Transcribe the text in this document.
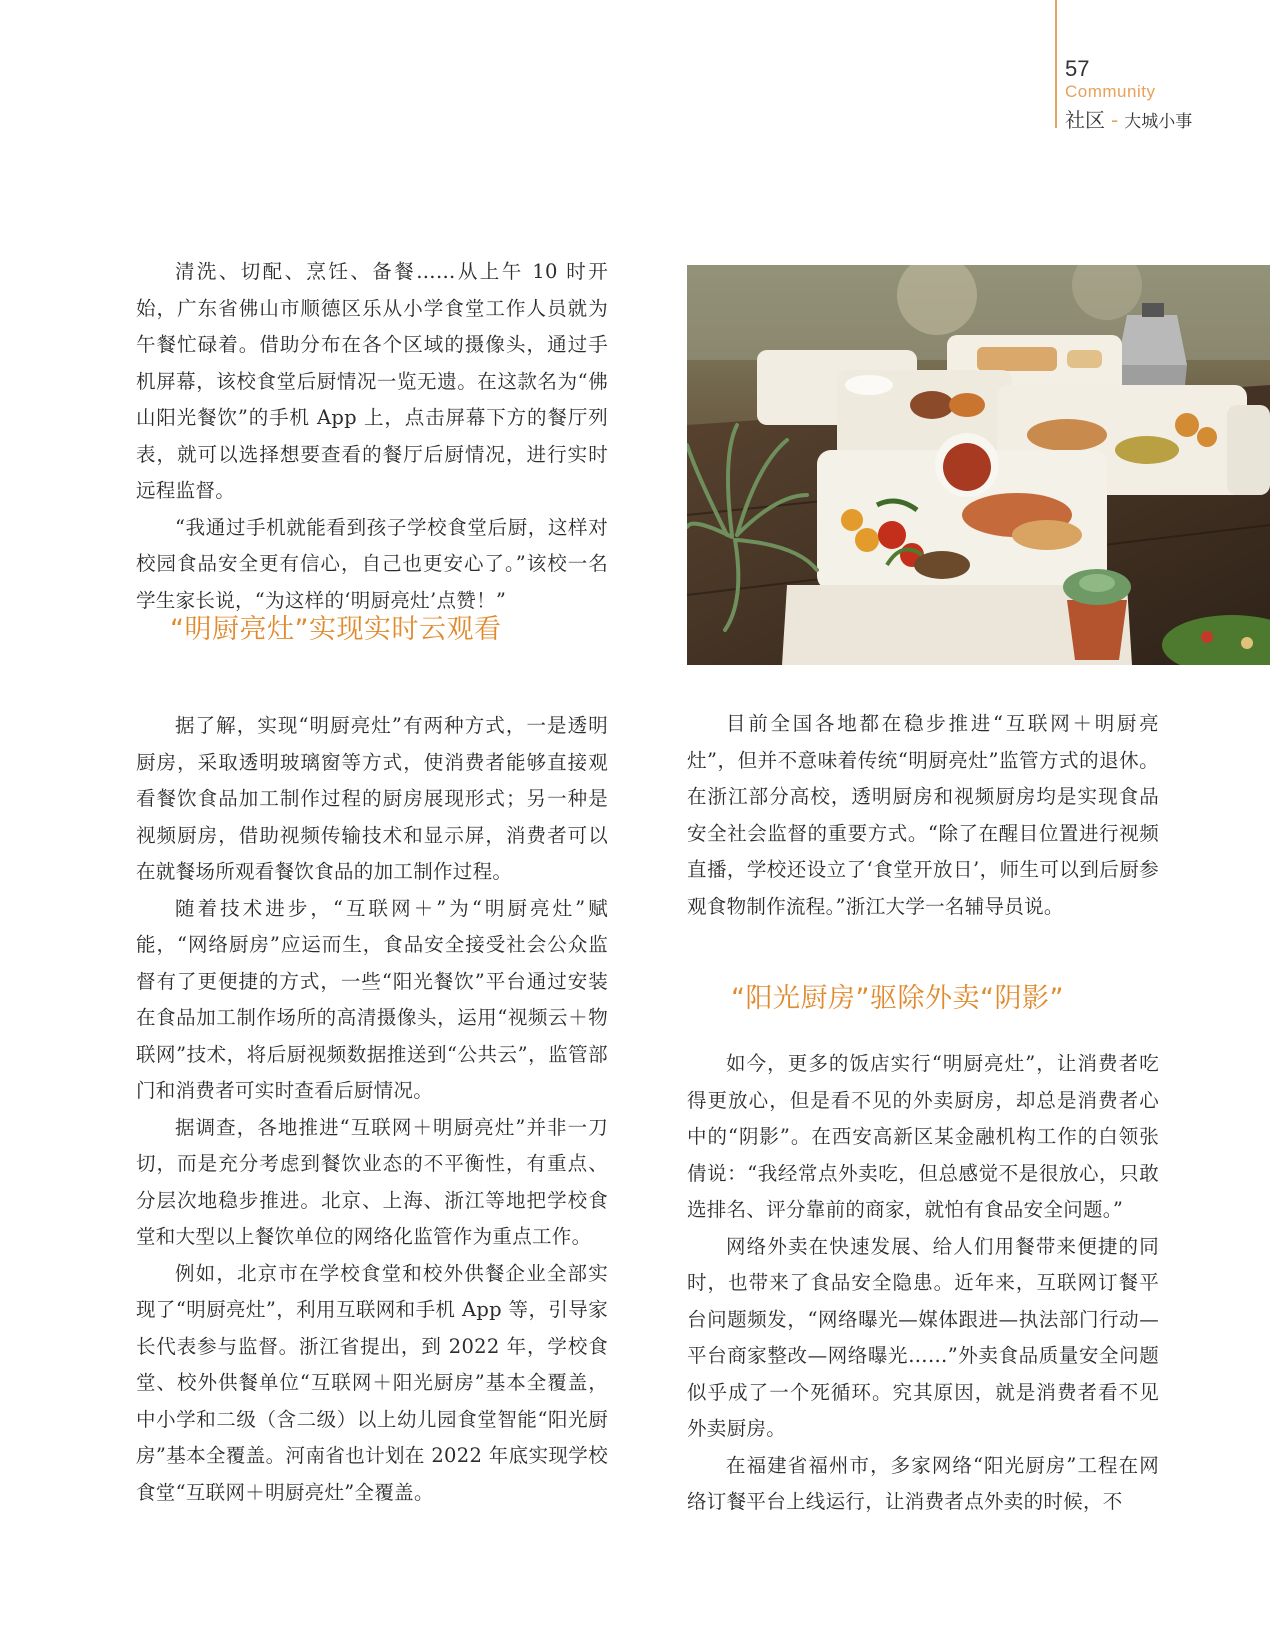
57
Community
社区 - 大城小事

清洗、切配、烹饪、备餐……从上午 10 时开始，广东省佛山市顺德区乐从小学食堂工作人员就为午餐忙碌着。借助分布在各个区域的摄像头，通过手机屏幕，该校食堂后厨情况一览无遗。在这款名为“佛山阳光餐饮”的手机 App 上，点击屏幕下方的餐厅列表，就可以选择想要查看的餐厅后厨情况，进行实时远程监督。

“我通过手机就能看到孩子学校食堂后厨，这样对校园食品安全更有信心，自己也更安心了。”该校一名学生家长说，“为这样的‘明厨亮灶’点赞！”

“明厨亮灶”实现实时云观看

据了解，实现“明厨亮灶”有两种方式，一是透明厨房，采取透明玻璃窗等方式，使消费者能够直接观看餐饮食品加工制作过程的厨房展现形式；另一种是视频厨房，借助视频传输技术和显示屏，消费者可以在就餐场所观看餐饮食品的加工制作过程。

随着技术进步，“互联网＋”为“明厨亮灶”赋能，“网络厨房”应运而生，食品安全接受社会公众监督有了更便捷的方式，一些“阳光餐饮”平台通过安装在食品加工制作场所的高清摄像头，运用“视频云＋物联网”技术，将后厨视频数据推送到“公共云”，监管部门和消费者可实时查看后厨情况。

据调查，各地推进“互联网＋明厨亮灶”并非一刀切，而是充分考虑到餐饮业态的不平衡性，有重点、分层次地稳步推进。北京、上海、浙江等地把学校食堂和大型以上餐饮单位的网络化监管作为重点工作。

例如，北京市在学校食堂和校外供餐企业全部实现了“明厨亮灶”，利用互联网和手机 App 等，引导家长代表参与监督。浙江省提出，到 2022 年，学校食堂、校外供餐单位“互联网＋阳光厨房”基本全覆盖，中小学和二级（含二级）以上幼儿园食堂智能“阳光厨房”基本全覆盖。河南省也计划在 2022 年底实现学校食堂“互联网＋明厨亮灶”全覆盖。

目前全国各地都在稳步推进“互联网＋明厨亮灶”，但并不意味着传统“明厨亮灶”监管方式的退休。在浙江部分高校，透明厨房和视频厨房均是实现食品安全社会监督的重要方式。“除了在醒目位置进行视频直播，学校还设立了‘食堂开放日’，师生可以到后厨参观食物制作流程。”浙江大学一名辅导员说。

“阳光厨房”驱除外卖“阴影”

如今，更多的饭店实行“明厨亮灶”，让消费者吃得更放心，但是看不见的外卖厨房，却总是消费者心中的“阴影”。在西安高新区某金融机构工作的白领张倩说：“我经常点外卖吃，但总感觉不是很放心，只敢选排名、评分靠前的商家，就怕有食品安全问题。”

网络外卖在快速发展、给人们用餐带来便捷的同时，也带来了食品安全隐患。近年来，互联网订餐平台问题频发，“网络曝光—媒体跟进—执法部门行动—平台商家整改—网络曝光……”外卖食品质量安全问题似乎成了一个死循环。究其原因，就是消费者看不见外卖厨房。

在福建省福州市，多家网络“阳光厨房”工程在网络订餐平台上线运行，让消费者点外卖的时候，不
